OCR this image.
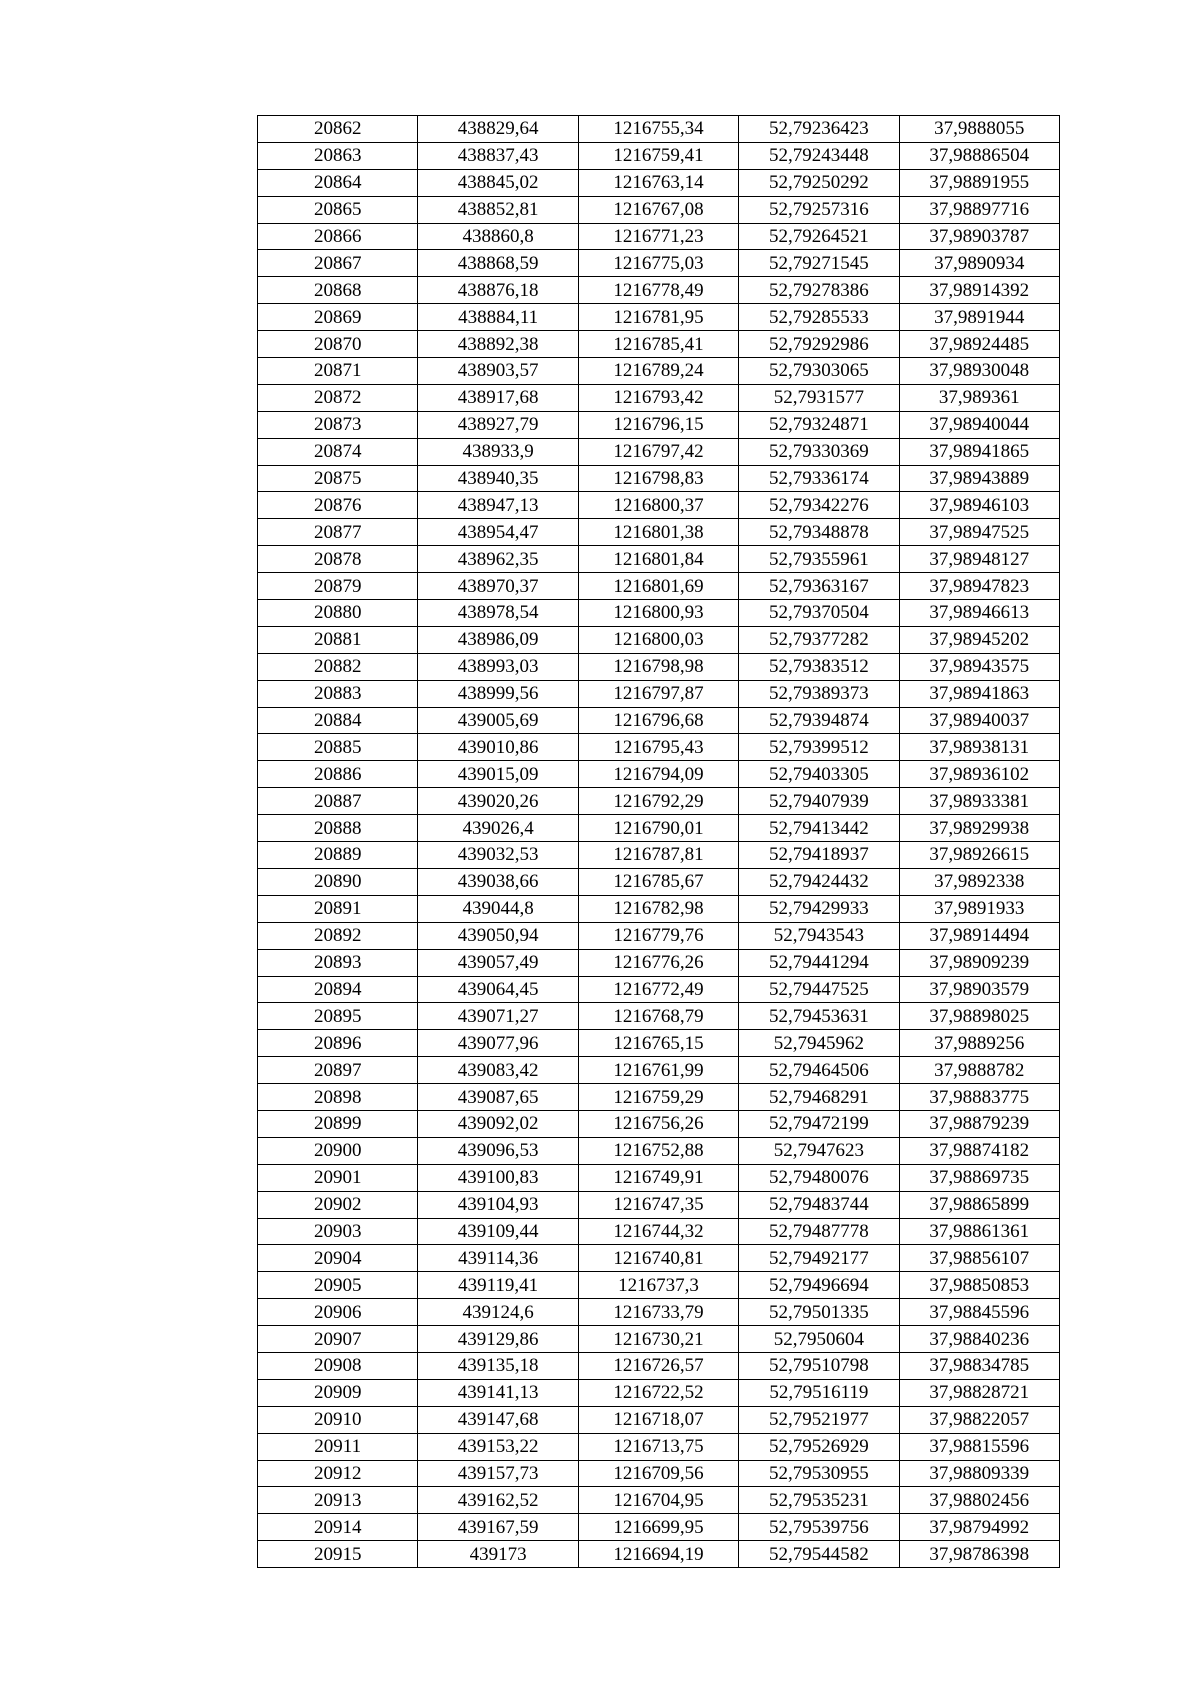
20862	438829,64	1216755,34	52,79236423	37,9888055
20863	438837,43	1216759,41	52,79243448	37,98886504
20864	438845,02	1216763,14	52,79250292	37,98891955
20865	438852,81	1216767,08	52,79257316	37,98897716
20866	438860,8	1216771,23	52,79264521	37,98903787
20867	438868,59	1216775,03	52,79271545	37,9890934
20868	438876,18	1216778,49	52,79278386	37,98914392
20869	438884,11	1216781,95	52,79285533	37,9891944
20870	438892,38	1216785,41	52,79292986	37,98924485
20871	438903,57	1216789,24	52,79303065	37,98930048
20872	438917,68	1216793,42	52,7931577	37,989361
20873	438927,79	1216796,15	52,79324871	37,98940044
20874	438933,9	1216797,42	52,79330369	37,98941865
20875	438940,35	1216798,83	52,79336174	37,98943889
20876	438947,13	1216800,37	52,79342276	37,98946103
20877	438954,47	1216801,38	52,79348878	37,98947525
20878	438962,35	1216801,84	52,79355961	37,98948127
20879	438970,37	1216801,69	52,79363167	37,98947823
20880	438978,54	1216800,93	52,79370504	37,98946613
20881	438986,09	1216800,03	52,79377282	37,98945202
20882	438993,03	1216798,98	52,79383512	37,98943575
20883	438999,56	1216797,87	52,79389373	37,98941863
20884	439005,69	1216796,68	52,79394874	37,98940037
20885	439010,86	1216795,43	52,79399512	37,98938131
20886	439015,09	1216794,09	52,79403305	37,98936102
20887	439020,26	1216792,29	52,79407939	37,98933381
20888	439026,4	1216790,01	52,79413442	37,98929938
20889	439032,53	1216787,81	52,79418937	37,98926615
20890	439038,66	1216785,67	52,79424432	37,9892338
20891	439044,8	1216782,98	52,79429933	37,9891933
20892	439050,94	1216779,76	52,7943543	37,98914494
20893	439057,49	1216776,26	52,79441294	37,98909239
20894	439064,45	1216772,49	52,79447525	37,98903579
20895	439071,27	1216768,79	52,79453631	37,98898025
20896	439077,96	1216765,15	52,7945962	37,9889256
20897	439083,42	1216761,99	52,79464506	37,9888782
20898	439087,65	1216759,29	52,79468291	37,98883775
20899	439092,02	1216756,26	52,79472199	37,98879239
20900	439096,53	1216752,88	52,7947623	37,98874182
20901	439100,83	1216749,91	52,79480076	37,98869735
20902	439104,93	1216747,35	52,79483744	37,98865899
20903	439109,44	1216744,32	52,79487778	37,98861361
20904	439114,36	1216740,81	52,79492177	37,98856107
20905	439119,41	1216737,3	52,79496694	37,98850853
20906	439124,6	1216733,79	52,79501335	37,98845596
20907	439129,86	1216730,21	52,7950604	37,98840236
20908	439135,18	1216726,57	52,79510798	37,98834785
20909	439141,13	1216722,52	52,79516119	37,98828721
20910	439147,68	1216718,07	52,79521977	37,98822057
20911	439153,22	1216713,75	52,79526929	37,98815596
20912	439157,73	1216709,56	52,79530955	37,98809339
20913	439162,52	1216704,95	52,79535231	37,98802456
20914	439167,59	1216699,95	52,79539756	37,98794992
20915	439173	1216694,19	52,79544582	37,98786398
